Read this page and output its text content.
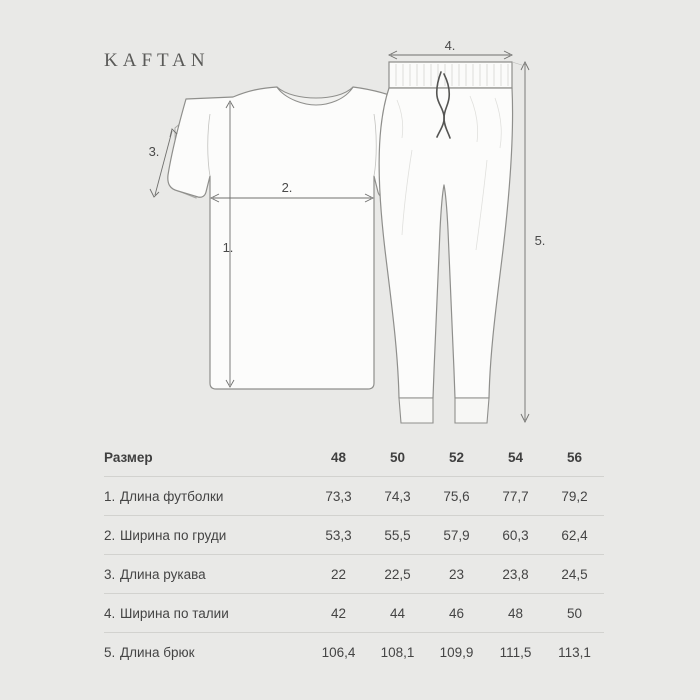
KAFTAN
1.
2.
3.
4.
5.
Размер	48	50	52	54	56
1. Длина футболки	73,3	74,3	75,6	77,7	79,2
2. Ширина по груди	53,3	55,5	57,9	60,3	62,4
3. Длина рукава	22	22,5	23	23,8	24,5
4. Ширина по талии	42	44	46	48	50
5. Длина брюк	106,4	108,1	109,9	111,5	113,1
